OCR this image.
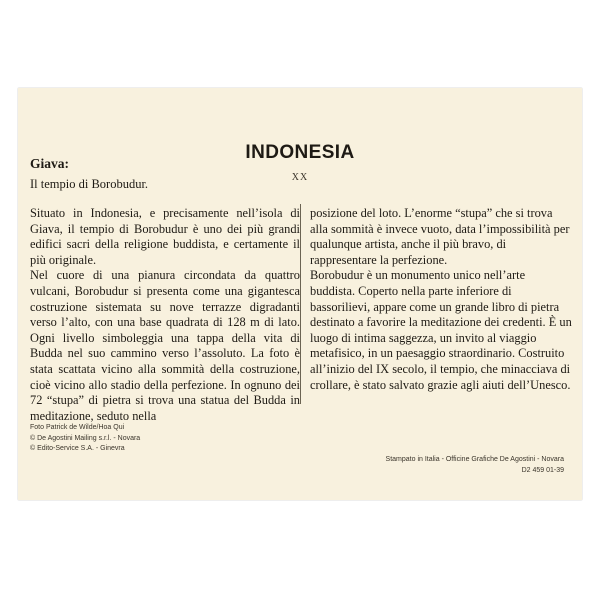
Giava:
Il tempio di Borobudur.
INDONESIA
XX
Situato in Indonesia, e precisamente nell’isola di Giava, il tempio di Borobudur è uno dei più grandi edifici sacri della religione buddista, e certamente il più originale.
Nel cuore di una pianura circondata da quattro vulcani, Borobudur si presenta come una gigantesca costruzione sistemata su nove terrazze digradanti verso l’alto, con una base quadrata di 128 m di lato. Ogni livello simboleggia una tappa della vita di Budda nel suo cammino verso l’assoluto. La foto è stata scattata vicino alla sommità della costruzione, cioè vicino allo stadio della perfezione. In ognuno dei 72 “stupa” di pietra si trova una statua del Budda in meditazione, seduto nella
posizione del loto. L’enorme “stupa” che si trova alla sommità è invece vuoto, data l’impossibilità per qualunque artista, anche il più bravo, di rappresentare la perfezione.
Borobudur è un monumento unico nell’arte buddista. Coperto nella parte inferiore di bassorilievi, appare come un grande libro di pietra destinato a favorire la meditazione dei credenti. È un luogo di intima saggezza, un invito al viaggio metafisico, in un paesaggio straordinario. Costruito all’inizio del IX secolo, il tempio, che minacciava di crollare, è stato salvato grazie agli aiuti dell’Unesco.
Foto Patrick de Wilde/Hoa Qui
© De Agostini Mailing s.r.l. - Novara
© Edito-Service S.A. - Ginevra
Stampato in Italia - Officine Grafiche De Agostini - Novara
D2 459 01-39
